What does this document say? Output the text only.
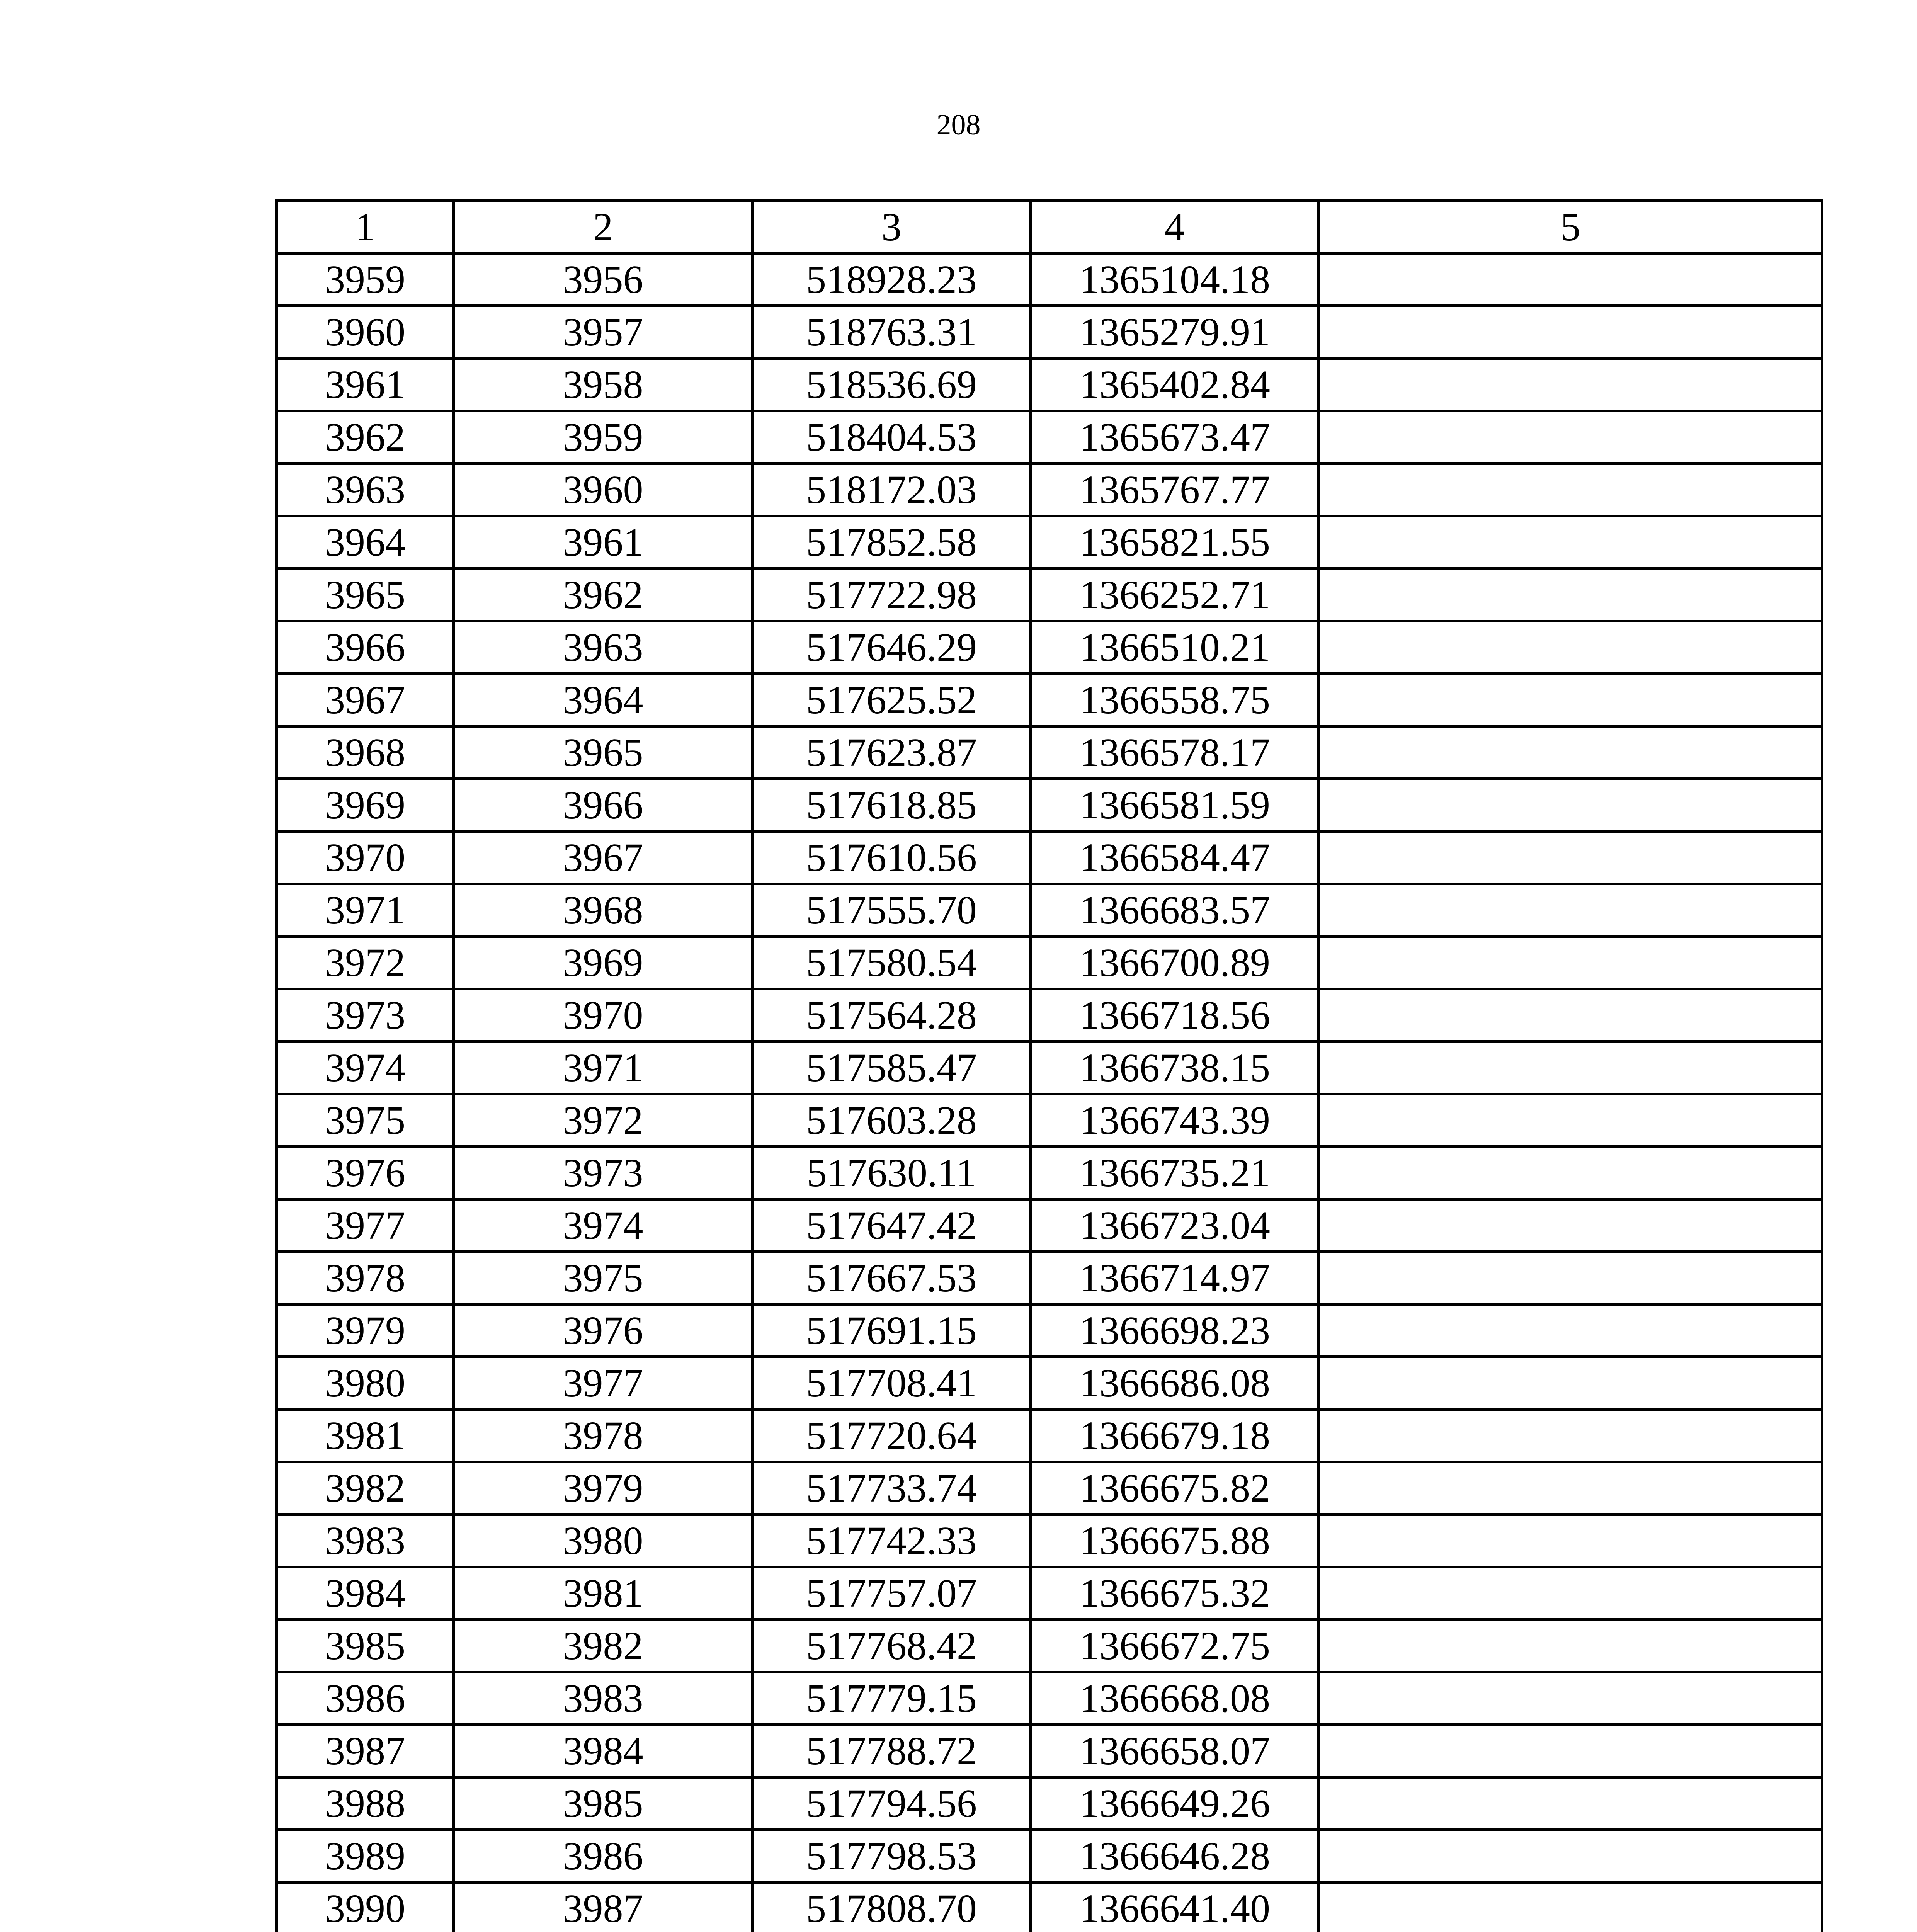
208
1	2	3	4	5
3959	3956	518928.23	1365104.18	
3960	3957	518763.31	1365279.91	
3961	3958	518536.69	1365402.84	
3962	3959	518404.53	1365673.47	
3963	3960	518172.03	1365767.77	
3964	3961	517852.58	1365821.55	
3965	3962	517722.98	1366252.71	
3966	3963	517646.29	1366510.21	
3967	3964	517625.52	1366558.75	
3968	3965	517623.87	1366578.17	
3969	3966	517618.85	1366581.59	
3970	3967	517610.56	1366584.47	
3971	3968	517555.70	1366683.57	
3972	3969	517580.54	1366700.89	
3973	3970	517564.28	1366718.56	
3974	3971	517585.47	1366738.15	
3975	3972	517603.28	1366743.39	
3976	3973	517630.11	1366735.21	
3977	3974	517647.42	1366723.04	
3978	3975	517667.53	1366714.97	
3979	3976	517691.15	1366698.23	
3980	3977	517708.41	1366686.08	
3981	3978	517720.64	1366679.18	
3982	3979	517733.74	1366675.82	
3983	3980	517742.33	1366675.88	
3984	3981	517757.07	1366675.32	
3985	3982	517768.42	1366672.75	
3986	3983	517779.15	1366668.08	
3987	3984	517788.72	1366658.07	
3988	3985	517794.56	1366649.26	
3989	3986	517798.53	1366646.28	
3990	3987	517808.70	1366641.40	
